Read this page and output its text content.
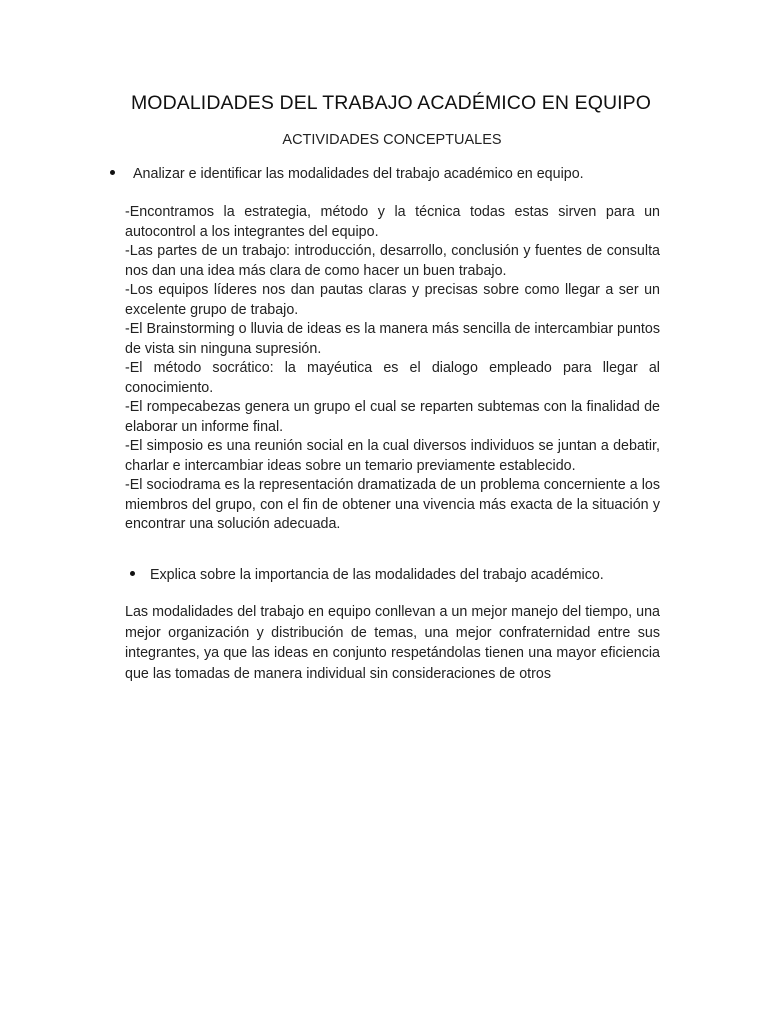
MODALIDADES DEL TRABAJO ACADÉMICO EN EQUIPO
ACTIVIDADES CONCEPTUALES
Analizar e identificar las modalidades del trabajo académico en equipo.

-Encontramos la estrategia, método y la técnica todas estas sirven para un autocontrol a los integrantes del equipo.

-Las partes de un trabajo: introducción, desarrollo, conclusión y fuentes de consulta nos dan una idea más clara de como hacer un buen trabajo.

-Los equipos líderes nos dan pautas claras y precisas sobre como llegar a ser un excelente grupo de trabajo.

-El Brainstorming o lluvia de ideas es la manera más sencilla de intercambiar puntos de vista sin ninguna supresión.

-El método socrático: la mayéutica es el dialogo empleado para llegar al conocimiento.

-El rompecabezas genera un grupo el cual se reparten subtemas con la finalidad de elaborar un informe final.

-El simposio es una reunión social en la cual diversos individuos se juntan a debatir, charlar e intercambiar ideas sobre un temario previamente establecido.

-El sociodrama es la representación dramatizada de un problema concerniente a los miembros del grupo, con el fin de obtener una vivencia más exacta de la situación y encontrar una solución adecuada.

Explica sobre la importancia de las modalidades del trabajo académico.
Las modalidades del trabajo en equipo conllevan a un mejor manejo del tiempo, una mejor organización y distribución de temas, una mejor confraternidad entre sus integrantes, ya que las ideas en conjunto respetándolas tienen una mayor eficiencia que las tomadas de manera individual sin consideraciones de otros
